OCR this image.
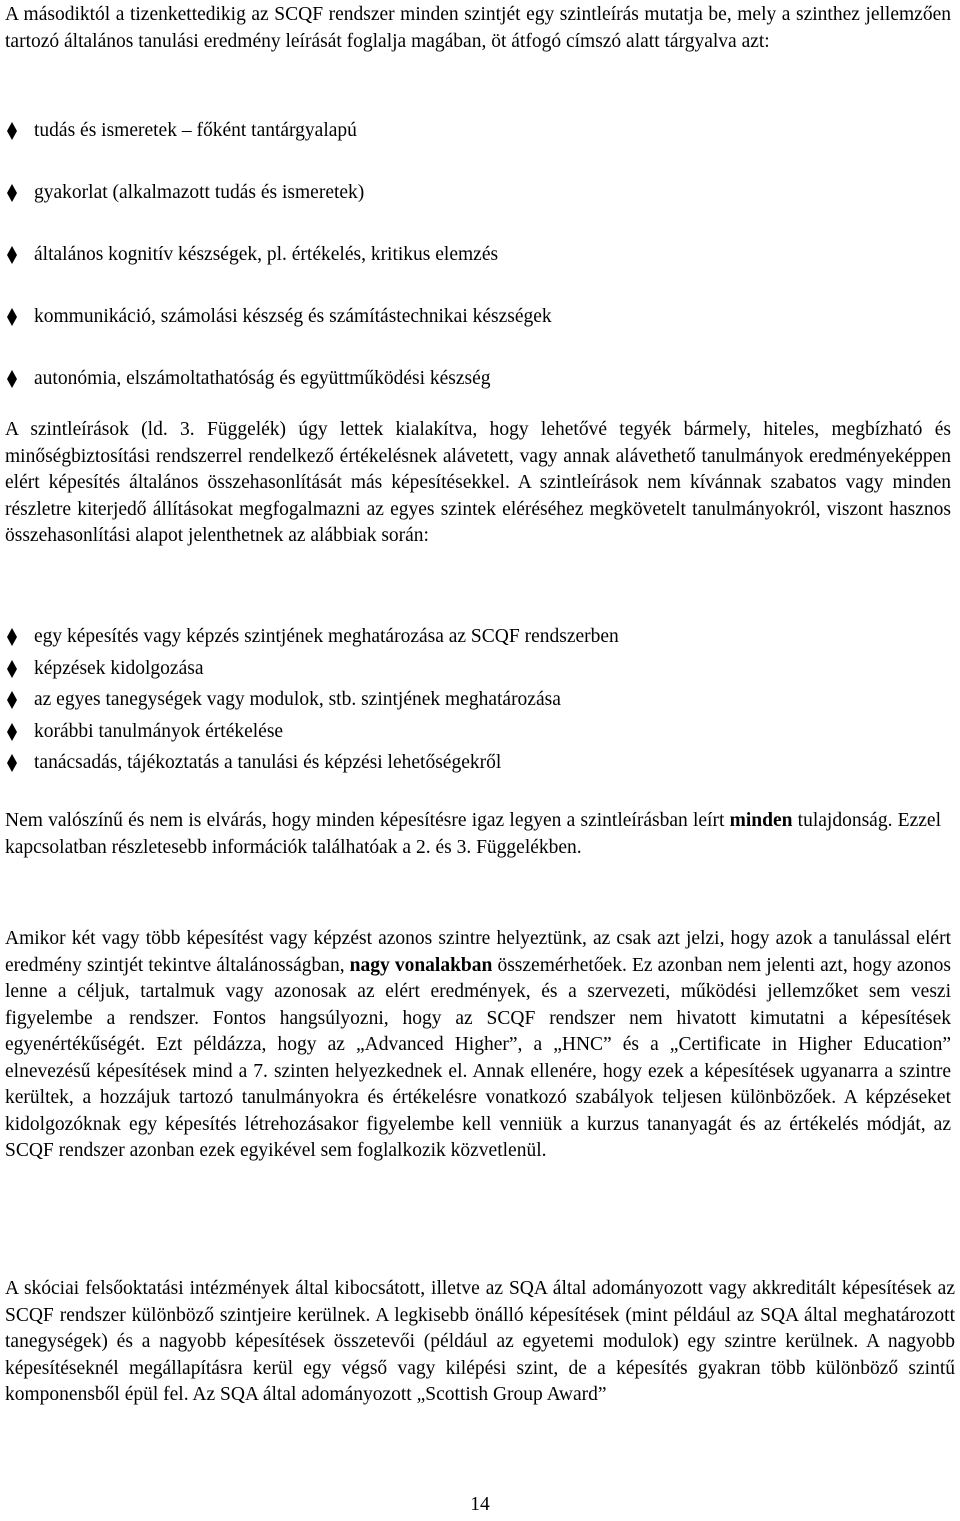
A másodiktól a tizenkettedikig az SCQF rendszer minden szintjét egy szintleírás mutatja be, mely a szinthez jellemzően tartozó általános tanulási eredmény leírását foglalja magában, öt átfogó címszó alatt tárgyalva azt:

tudás és ismeretek – főként tantárgyalapú
gyakorlat (alkalmazott tudás és ismeretek)
általános kognitív készségek, pl. értékelés, kritikus elemzés
kommunikáció, számolási készség és számítástechnikai készségek
autonómia, elszámoltathatóság és együttműködési készség

A szintleírások (ld. 3. Függelék) úgy lettek kialakítva, hogy lehetővé tegyék bármely, hiteles, megbízható és minőségbiztosítási rendszerrel rendelkező értékelésnek alávetett, vagy annak alávethető tanulmányok eredményeképpen elért képesítés általános összehasonlítását más képesítésekkel. A szintleírások nem kívánnak szabatos vagy minden részletre kiterjedő állításokat megfogalmazni az egyes szintek eléréséhez megkövetelt tanulmányokról, viszont hasznos összehasonlítási alapot jelenthetnek az alábbiak során:

egy képesítés vagy képzés szintjének meghatározása az SCQF rendszerben
képzések kidolgozása
az egyes tanegységek vagy modulok, stb. szintjének meghatározása
korábbi tanulmányok értékelése
tanácsadás, tájékoztatás a tanulási és képzési lehetőségekről

Nem valószínű és nem is elvárás, hogy minden képesítésre igaz legyen a szintleírásban leírt minden tulajdonság. Ezzel kapcsolatban részletesebb információk találhatóak a 2. és 3. Függelékben.

Amikor két vagy több képesítést vagy képzést azonos szintre helyeztünk, az csak azt jelzi, hogy azok a tanulással elért eredmény szintjét tekintve általánosságban, nagy vonalakban összemérhetőek. Ez azonban nem jelenti azt, hogy azonos lenne a céljuk, tartalmuk vagy azonosak az elért eredmények, és a szervezeti, működési jellemzőket sem veszi figyelembe a rendszer. Fontos hangsúlyozni, hogy az SCQF rendszer nem hivatott kimutatni a képesítések egyenértékűségét. Ezt példázza, hogy az „Advanced Higher”, a „HNC” és a „Certificate in Higher Education” elnevezésű képesítések mind a 7. szinten helyezkednek el. Annak ellenére, hogy ezek a képesítések ugyanarra a szintre kerültek, a hozzájuk tartozó tanulmányokra és értékelésre vonatkozó szabályok teljesen különbözőek. A képzéseket kidolgozóknak egy képesítés létrehozásakor figyelembe kell venniük a kurzus tananyagát és az értékelés módját, az SCQF rendszer azonban ezek egyikével sem foglalkozik közvetlenül.

A skóciai felsőoktatási intézmények által kibocsátott, illetve az SQA által adományozott vagy akkreditált képesítések az SCQF rendszer különböző szintjeire kerülnek. A legkisebb önálló képesítések (mint például az SQA által meghatározott tanegységek) és a nagyobb képesítések összetevői (például az egyetemi modulok) egy szintre kerülnek. A nagyobb képesítéseknél megállapításra kerül egy végső vagy kilépési szint, de a képesítés gyakran több különböző szintű komponensből épül fel. Az SQA által adományozott „Scottish Group Award”

14
